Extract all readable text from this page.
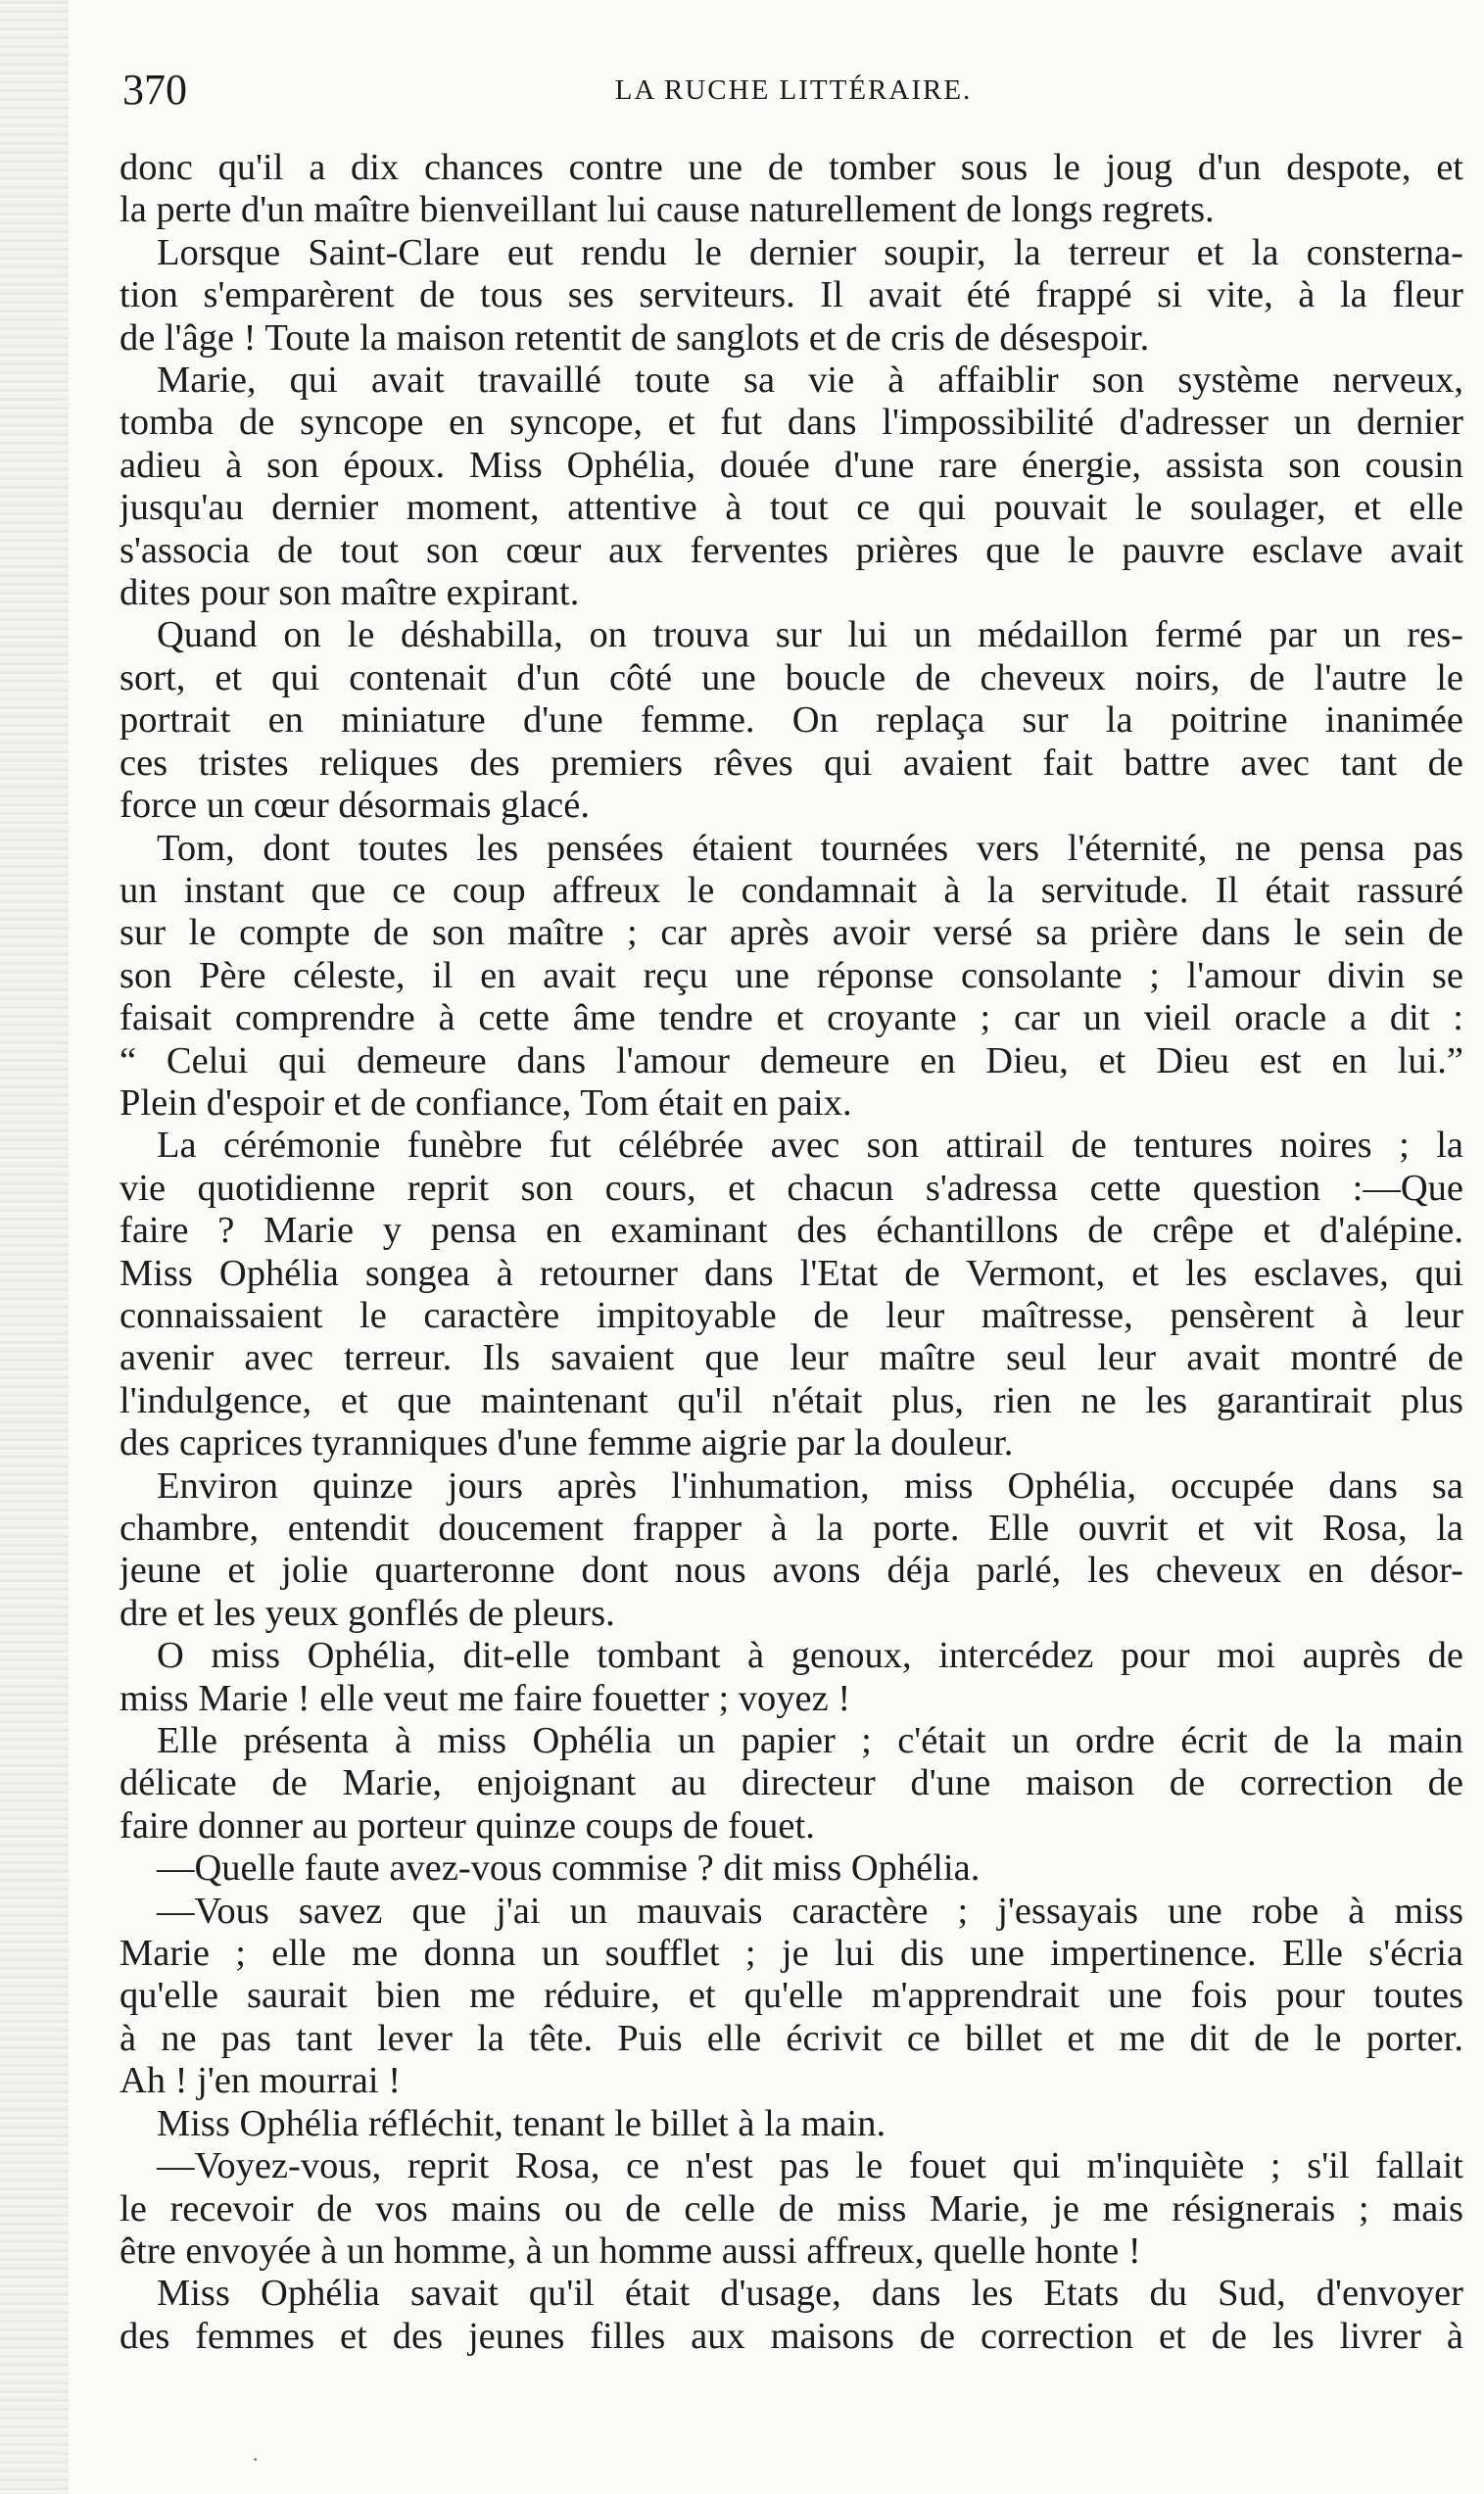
370	LA RUCHE LITTÉRAIRE.
donc qu'il a dix chances contre une de tomber sous le joug d'un despote, et
la perte d'un maître bienveillant lui cause naturellement de longs regrets.
Lorsque Saint-Clare eut rendu le dernier soupir, la terreur et la consterna-
tion s'emparèrent de tous ses serviteurs. Il avait été frappé si vite, à la fleur
de l'âge ! Toute la maison retentit de sanglots et de cris de désespoir.
Marie, qui avait travaillé toute sa vie à affaiblir son système nerveux,
tomba de syncope en syncope, et fut dans l'impossibilité d'adresser un dernier
adieu à son époux. Miss Ophélia, douée d'une rare énergie, assista son cousin
jusqu'au dernier moment, attentive à tout ce qui pouvait le soulager, et elle
s'associa de tout son cœur aux ferventes prières que le pauvre esclave avait
dites pour son maître expirant.
Quand on le déshabilla, on trouva sur lui un médaillon fermé par un res-
sort, et qui contenait d'un côté une boucle de cheveux noirs, de l'autre le
portrait en miniature d'une femme. On replaça sur la poitrine inanimée
ces tristes reliques des premiers rêves qui avaient fait battre avec tant de
force un cœur désormais glacé.
Tom, dont toutes les pensées étaient tournées vers l'éternité, ne pensa pas
un instant que ce coup affreux le condamnait à la servitude. Il était rassuré
sur le compte de son maître ; car après avoir versé sa prière dans le sein de
son Père céleste, il en avait reçu une réponse consolante ; l'amour divin se
faisait comprendre à cette âme tendre et croyante ; car un vieil oracle a dit :
“ Celui qui demeure dans l'amour demeure en Dieu, et Dieu est en lui.”
Plein d'espoir et de confiance, Tom était en paix.
La cérémonie funèbre fut célébrée avec son attirail de tentures noires ; la
vie quotidienne reprit son cours, et chacun s'adressa cette question :—Que
faire ? Marie y pensa en examinant des échantillons de crêpe et d'alépine.
Miss Ophélia songea à retourner dans l'Etat de Vermont, et les esclaves, qui
connaissaient le caractère impitoyable de leur maîtresse, pensèrent à leur
avenir avec terreur. Ils savaient que leur maître seul leur avait montré de
l'indulgence, et que maintenant qu'il n'était plus, rien ne les garantirait plus
des caprices tyranniques d'une femme aigrie par la douleur.
Environ quinze jours après l'inhumation, miss Ophélia, occupée dans sa
chambre, entendit doucement frapper à la porte. Elle ouvrit et vit Rosa, la
jeune et jolie quarteronne dont nous avons déja parlé, les cheveux en désor-
dre et les yeux gonflés de pleurs.
O miss Ophélia, dit-elle tombant à genoux, intercédez pour moi auprès de
miss Marie ! elle veut me faire fouetter ; voyez !
Elle présenta à miss Ophélia un papier ; c'était un ordre écrit de la main
délicate de Marie, enjoignant au directeur d'une maison de correction de
faire donner au porteur quinze coups de fouet.
—Quelle faute avez-vous commise ? dit miss Ophélia.
—Vous savez que j'ai un mauvais caractère ; j'essayais une robe à miss
Marie ; elle me donna un soufflet ; je lui dis une impertinence. Elle s'écria
qu'elle saurait bien me réduire, et qu'elle m'apprendrait une fois pour toutes
à ne pas tant lever la tête. Puis elle écrivit ce billet et me dit de le porter.
Ah ! j'en mourrai !
Miss Ophélia réfléchit, tenant le billet à la main.
—Voyez-vous, reprit Rosa, ce n'est pas le fouet qui m'inquiète ; s'il fallait
le recevoir de vos mains ou de celle de miss Marie, je me résignerais ; mais
être envoyée à un homme, à un homme aussi affreux, quelle honte !
Miss Ophélia savait qu'il était d'usage, dans les Etats du Sud, d'envoyer
des femmes et des jeunes filles aux maisons de correction et de les livrer à
.
